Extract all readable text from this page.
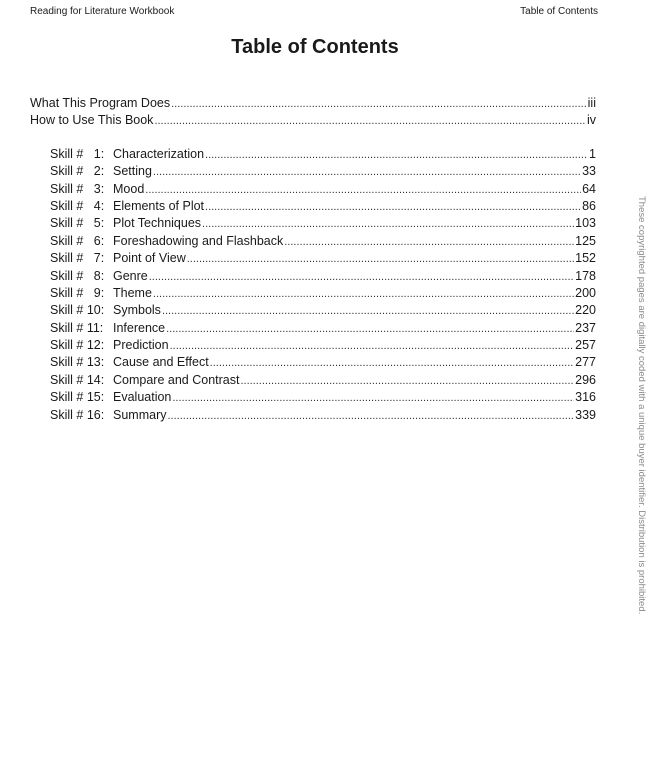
Reading for Literature Workbook	Table of Contents
Table of Contents
What This Program Does .....	iii
How to Use This Book .....	iv
Skill #   1: Characterization .....	1
Skill #   2: Setting .....	33
Skill #   3: Mood .....	64
Skill #   4: Elements of Plot .....	86
Skill #   5: Plot Techniques .....	103
Skill #   6: Foreshadowing and Flashback .....	125
Skill #   7: Point of View .....	152
Skill #   8: Genre .....	178
Skill #   9: Theme .....	200
Skill # 10: Symbols .....	220
Skill # 11: Inference .....	237
Skill # 12: Prediction .....	257
Skill # 13: Cause and Effect .....	277
Skill # 14: Compare and Contrast .....	296
Skill # 15: Evaluation .....	316
Skill # 16: Summary .....	339	These copyrighted pages are digitally coded with a unique buyer identifier. Distribution is prohibited.
